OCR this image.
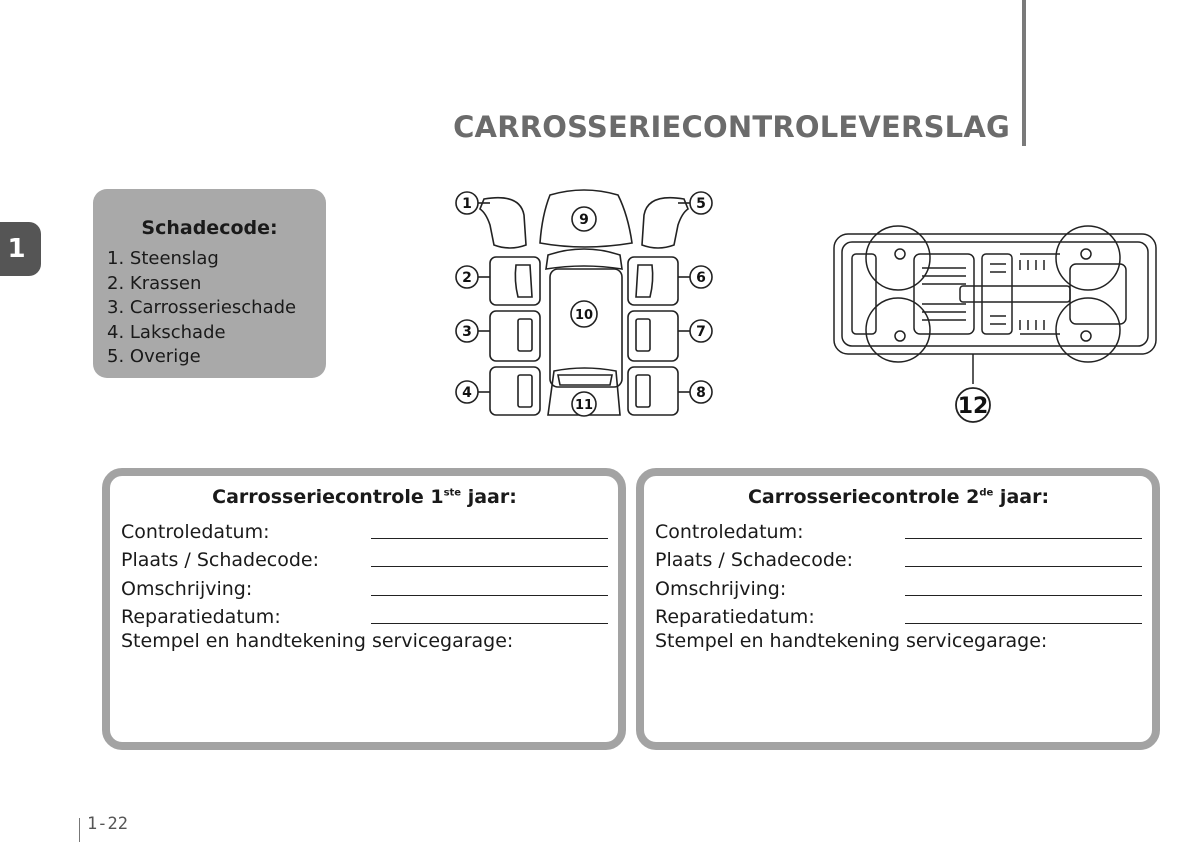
CARROSSERIECONTROLEVERSLAG
1
Schadecode:
1. Steenslag
2. Krassen
3. Carrosserieschade
4. Lakschade
5. Overige
1
2
3
4
5
6
7
8
9
10
11	12
Carrosseriecontrole 1ste jaar:
Controledatum:
Plaats / Schadecode:
Omschrijving:
Reparatiedatum:
Stempel en handtekening servicegarage:
Carrosseriecontrole 2de jaar:
Controledatum:
Plaats / Schadecode:
Omschrijving:
Reparatiedatum:
Stempel en handtekening servicegarage:
1-22
